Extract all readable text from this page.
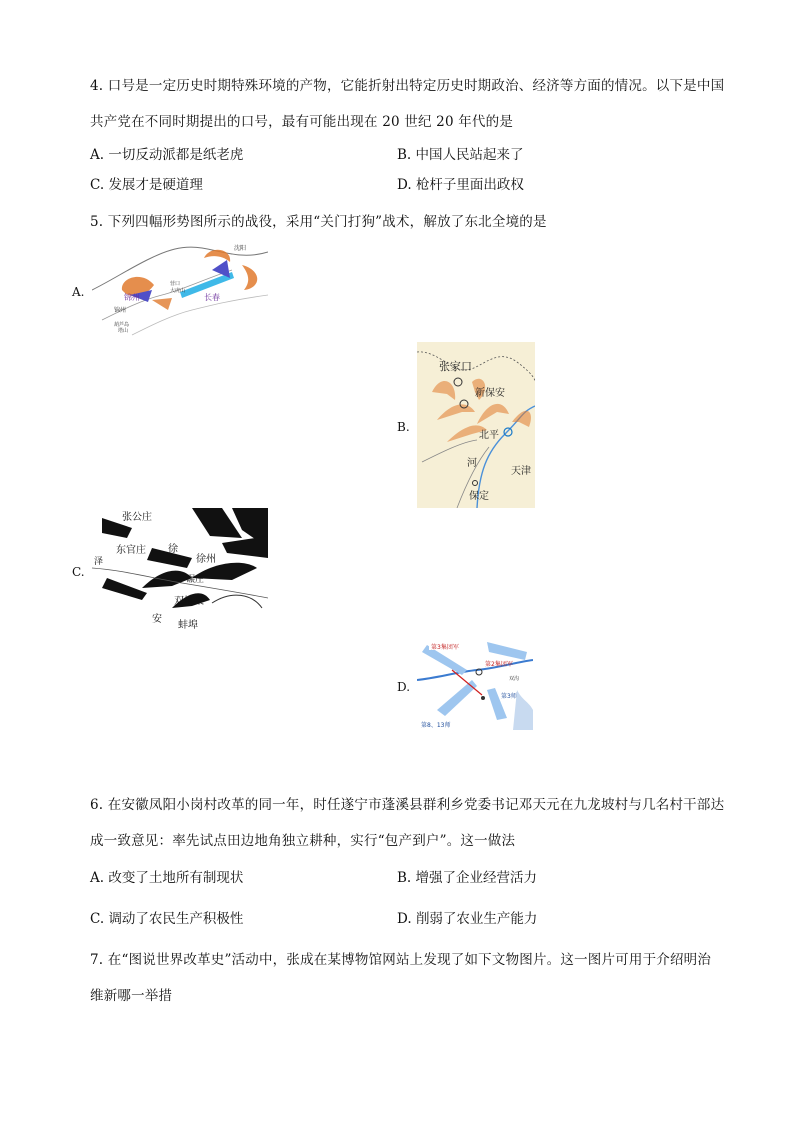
4. 口号是一定历史时期特殊环境的产物，它能折射出特定历史时期政治、经济等方面的情况。以下是中国
共产党在不同时期提出的口号，最有可能出现在 20 世纪 20 年代的是
A. 一切反动派都是纸老虎	B. 中国人民站起来了
C. 发展才是硬道理	D. 枪杆子里面出政权
5. 下列四幅形势图所示的战役，采用“关门打狗”战术，解放了东北全境的是
A.
沈阳
长春
锦州
锦州
葫芦岛
营口
大虎山
塔山
B.
张家口
新保安
北平
河
天津
保定
C.
张公庄
东官庄 徐
徐州
碾庄
双堆集
安
蚌埠
泽
D.
第3集团军
第2集团军
第3师
第8、13师
双沟
6. 在安徽凤阳小岗村改革的同一年，时任遂宁市蓬溪县群利乡党委书记邓天元在九龙坡村与几名村干部达
成一致意见：率先试点田边地角独立耕种，实行“包产到户”。这一做法
A. 改变了土地所有制现状	B. 增强了企业经营活力
C. 调动了农民生产积极性	D. 削弱了农业生产能力
7. 在“图说世界改革史”活动中，张成在某博物馆网站上发现了如下文物图片。这一图片可用于介绍明治
维新哪一举措
